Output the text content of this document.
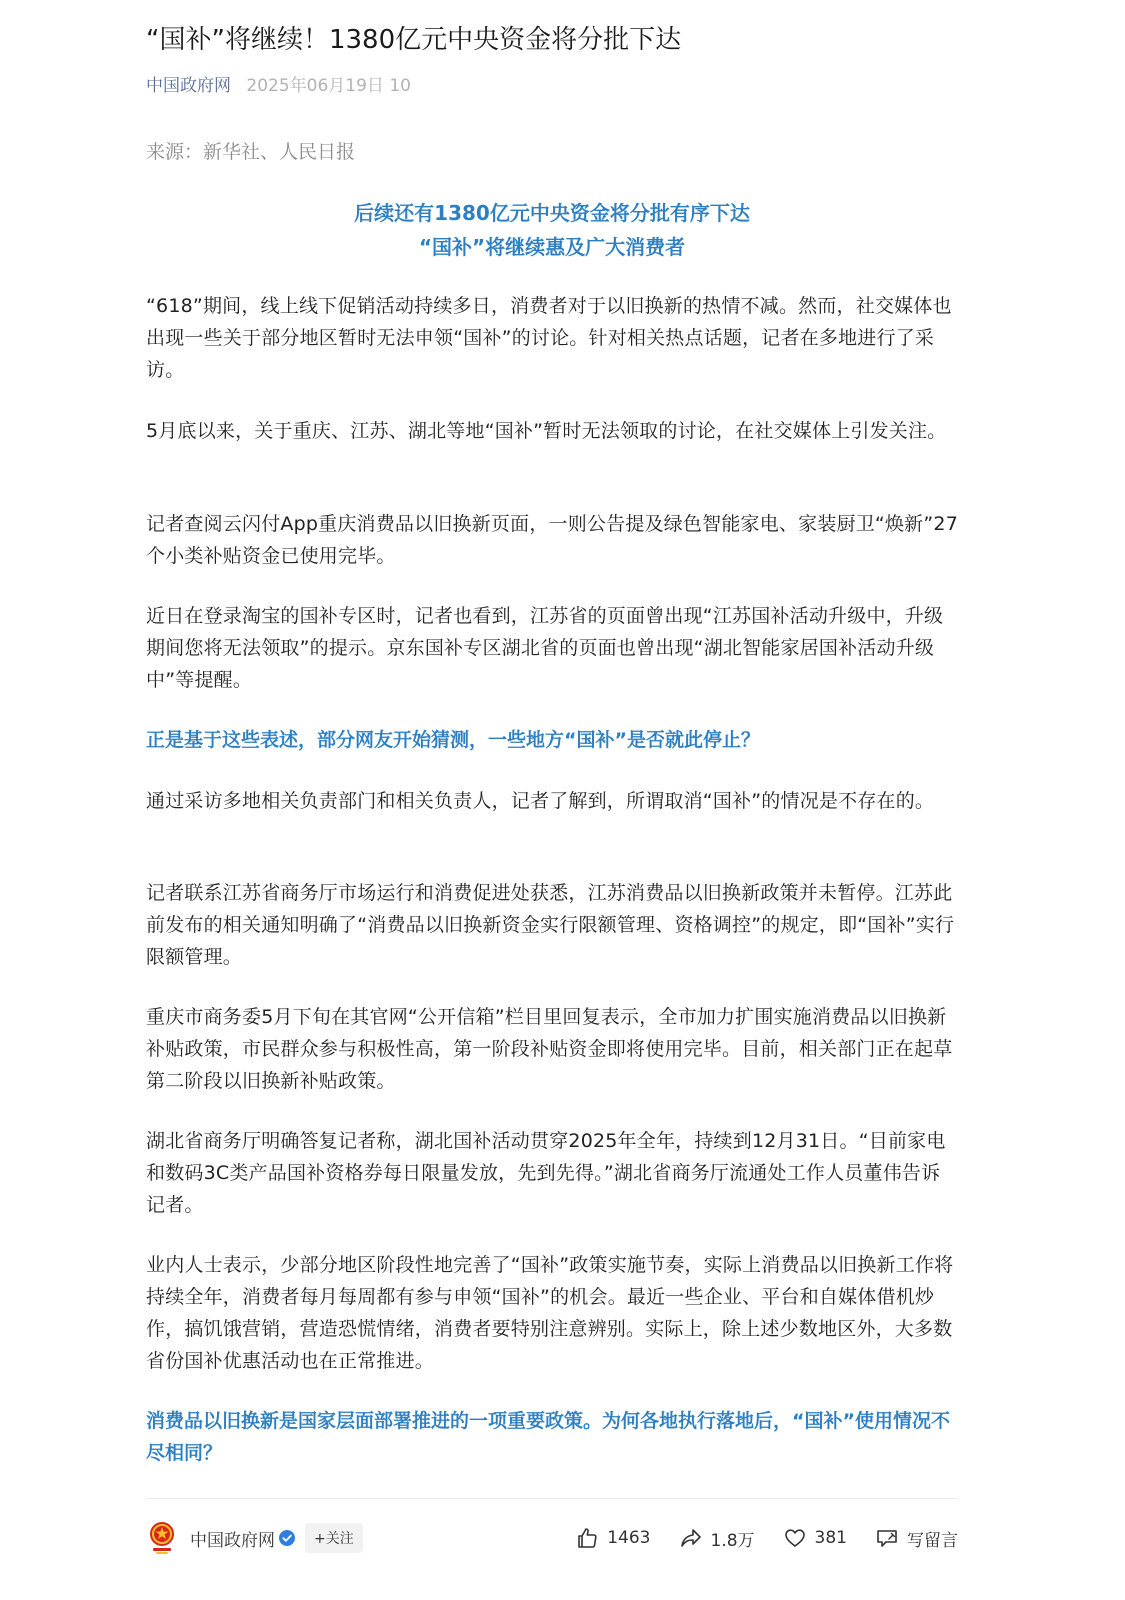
“国补”将继续！1380亿元中央资金将分批下达
中国政府网 2025年06月19日 10
来源：新华社、人民日报
后续还有1380亿元中央资金将分批有序下达
“国补”将继续惠及广大消费者

“618”期间，线上线下促销活动持续多日，消费者对于以旧换新的热情不减。然而，社交媒体也出现一些关于部分地区暂时无法申领“国补”的讨论。针对相关热点话题，记者在多地进行了采访。

5月底以来，关于重庆、江苏、湖北等地“国补”暂时无法领取的讨论，在社交媒体上引发关注。

记者查阅云闪付App重庆消费品以旧换新页面，一则公告提及绿色智能家电、家装厨卫“焕新”27个小类补贴资金已使用完毕。

近日在登录淘宝的国补专区时，记者也看到，江苏省的页面曾出现“江苏国补活动升级中，升级期间您将无法领取”的提示。京东国补专区湖北省的页面也曾出现“湖北智能家居国补活动升级中”等提醒。

正是基于这些表述，部分网友开始猜测，一些地方“国补”是否就此停止？

通过采访多地相关负责部门和相关负责人，记者了解到，所谓取消“国补”的情况是不存在的。

记者联系江苏省商务厅市场运行和消费促进处获悉，江苏消费品以旧换新政策并未暂停。江苏此前发布的相关通知明确了“消费品以旧换新资金实行限额管理、资格调控”的规定，即“国补”实行限额管理。

重庆市商务委5月下旬在其官网“公开信箱”栏目里回复表示，全市加力扩围实施消费品以旧换新补贴政策，市民群众参与积极性高，第一阶段补贴资金即将使用完毕。目前，相关部门正在起草第二阶段以旧换新补贴政策。

湖北省商务厅明确答复记者称，湖北国补活动贯穿2025年全年，持续到12月31日。“目前家电和数码3C类产品国补资格券每日限量发放，先到先得。”湖北省商务厅流通处工作人员董伟告诉记者。

业内人士表示，少部分地区阶段性地完善了“国补”政策实施节奏，实际上消费品以旧换新工作将持续全年，消费者每月每周都有参与申领“国补”的机会。最近一些企业、平台和自媒体借机炒作，搞饥饿营销，营造恐慌情绪，消费者要特别注意辨别。实际上，除上述少数地区外，大多数省份国补优惠活动也在正常推进。

消费品以旧换新是国家层面部署推进的一项重要政策。为何各地执行落地后，“国补”使用情况不尽相同？

中国政府网	+关注	1463	1.8万	381	写留言
